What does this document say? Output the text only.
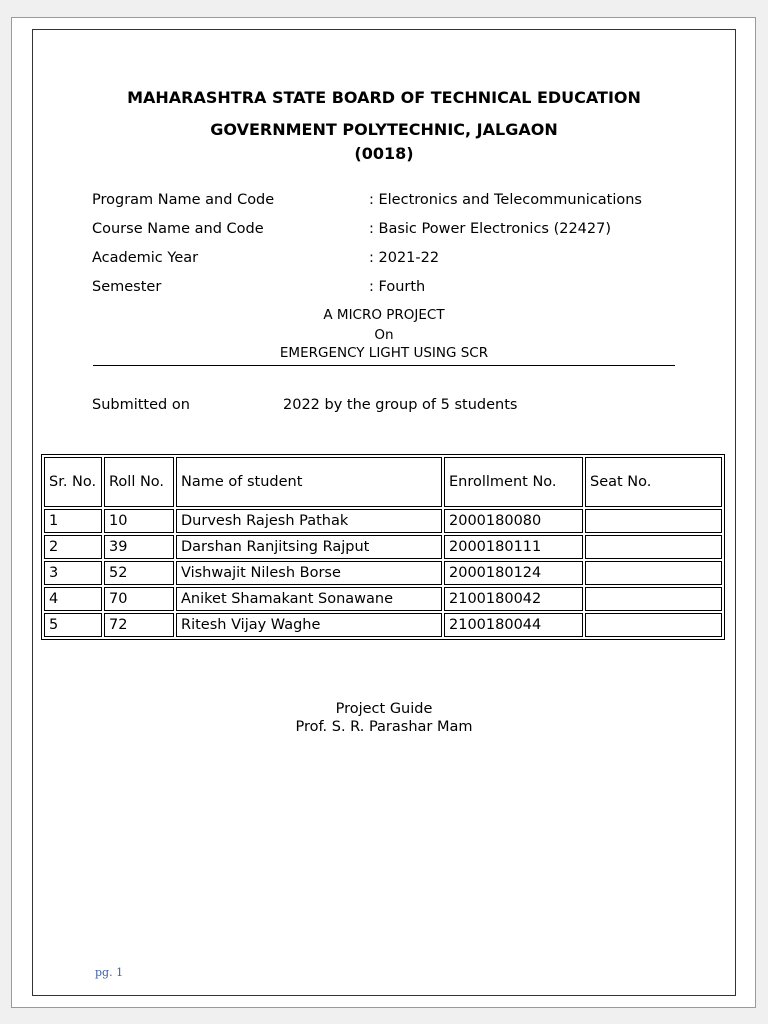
MAHARASHTRA STATE BOARD OF TECHNICAL EDUCATION
GOVERNMENT POLYTECHNIC, JALGAON
(0018)
Program Name and Code	: Electronics and Telecommunications
Course Name and Code	: Basic Power Electronics (22427)
Academic Year	: 2021-22
Semester	: Fourth
A MICRO PROJECT
On
EMERGENCY LIGHT USING SCR
Submitted on	2022 by the group of 5 students
Sr. No.	Roll No.	Name of student	Enrollment No.	Seat No.
1	10	Durvesh Rajesh Pathak	2000180080	
2	39	Darshan Ranjitsing Rajput	2000180111	
3	52	Vishwajit Nilesh Borse	2000180124	
4	70	Aniket Shamakant Sonawane	2100180042	
5	72	Ritesh Vijay Waghe	2100180044	
Project Guide
Prof. S. R. Parashar Mam
pg. 1
